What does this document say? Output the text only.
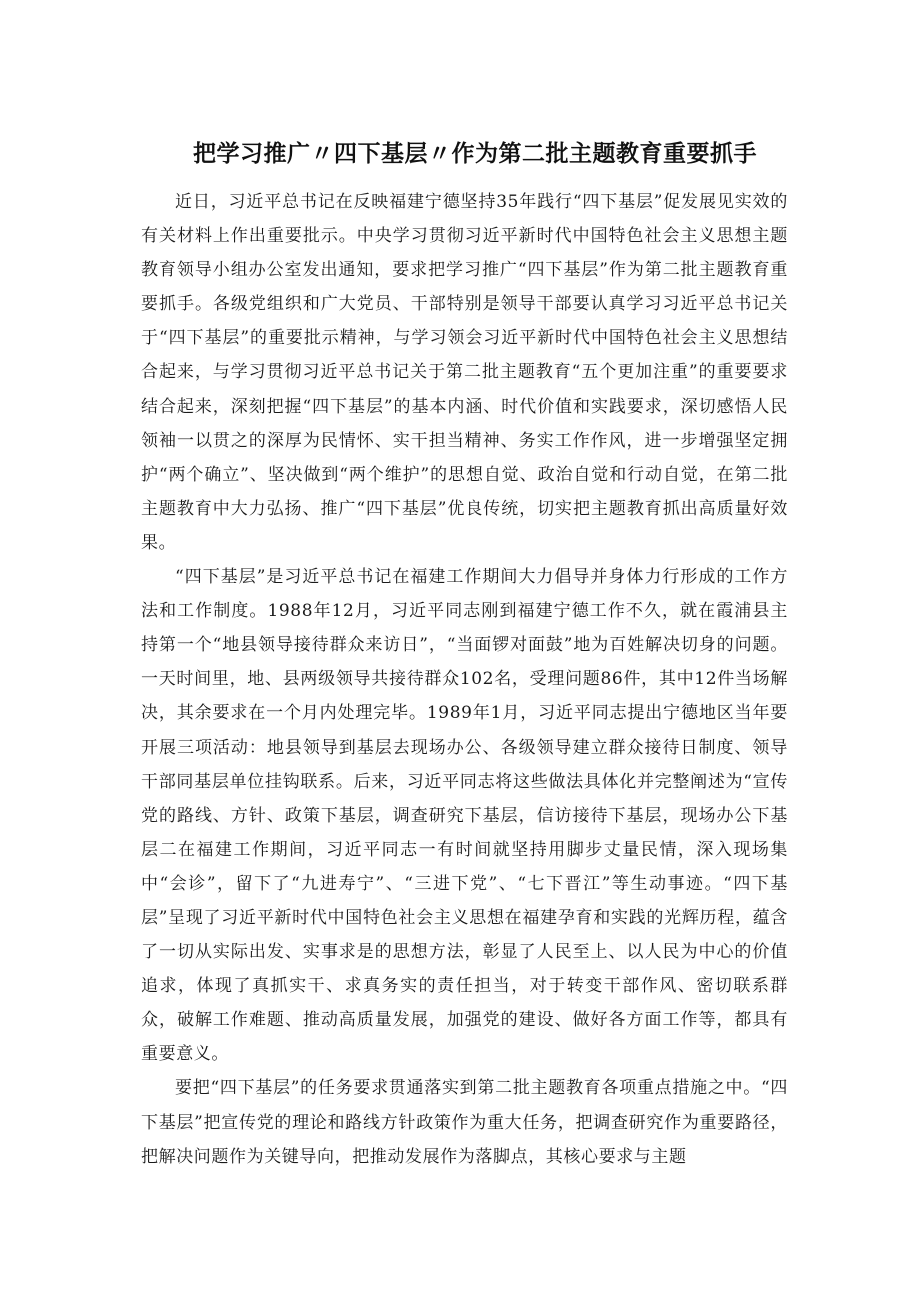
把学习推广〃四下基层〃作为第二批主题教育重要抓手

近日，习近平总书记在反映福建宁德坚持35年践行“四下基层”促发展见实效的有关材料上作出重要批示。中央学习贯彻习近平新时代中国特色社会主义思想主题教育领导小组办公室发出通知，要求把学习推广“四下基层”作为第二批主题教育重要抓手。各级党组织和广大党员、干部特别是领导干部要认真学习习近平总书记关于“四下基层”的重要批示精神，与学习领会习近平新时代中国特色社会主义思想结合起来，与学习贯彻习近平总书记关于第二批主题教育“五个更加注重”的重要要求结合起来，深刻把握“四下基层”的基本内涵、时代价值和实践要求，深切感悟人民领袖一以贯之的深厚为民情怀、实干担当精神、务实工作作风，进一步增强坚定拥护“两个确立”、坚决做到“两个维护”的思想自觉、政治自觉和行动自觉，在第二批主题教育中大力弘扬、推广“四下基层”优良传统，切实把主题教育抓出高质量好效果。

“四下基层”是习近平总书记在福建工作期间大力倡导并身体力行形成的工作方法和工作制度。1988年12月，习近平同志刚到福建宁德工作不久，就在霞浦县主持第一个“地县领导接待群众来访日”，“当面锣对面鼓”地为百姓解决切身的问题。一天时间里，地、县两级领导共接待群众102名，受理问题86件，其中12件当场解决，其余要求在一个月内处理完毕。1989年1月，习近平同志提出宁德地区当年要开展三项活动：地县领导到基层去现场办公、各级领导建立群众接待日制度、领导干部同基层单位挂钩联系。后来，习近平同志将这些做法具体化并完整阐述为“宣传党的路线、方针、政策下基层，调查研究下基层，信访接待下基层，现场办公下基层二在福建工作期间，习近平同志一有时间就坚持用脚步丈量民情，深入现场集中“会诊”，留下了“九进寿宁”、“三进下党”、“七下晋江”等生动事迹。“四下基层”呈现了习近平新时代中国特色社会主义思想在福建孕育和实践的光辉历程，蕴含了一切从实际出发、实事求是的思想方法，彰显了人民至上、以人民为中心的价值追求，体现了真抓实干、求真务实的责任担当，对于转变干部作风、密切联系群众，破解工作难题、推动高质量发展，加强党的建设、做好各方面工作等，都具有重要意义。

要把“四下基层”的任务要求贯通落实到第二批主题教育各项重点措施之中。“四下基层”把宣传党的理论和路线方针政策作为重大任务，把调查研究作为重要路径，把解决问题作为关键导向，把推动发展作为落脚点，其核心要求与主题
